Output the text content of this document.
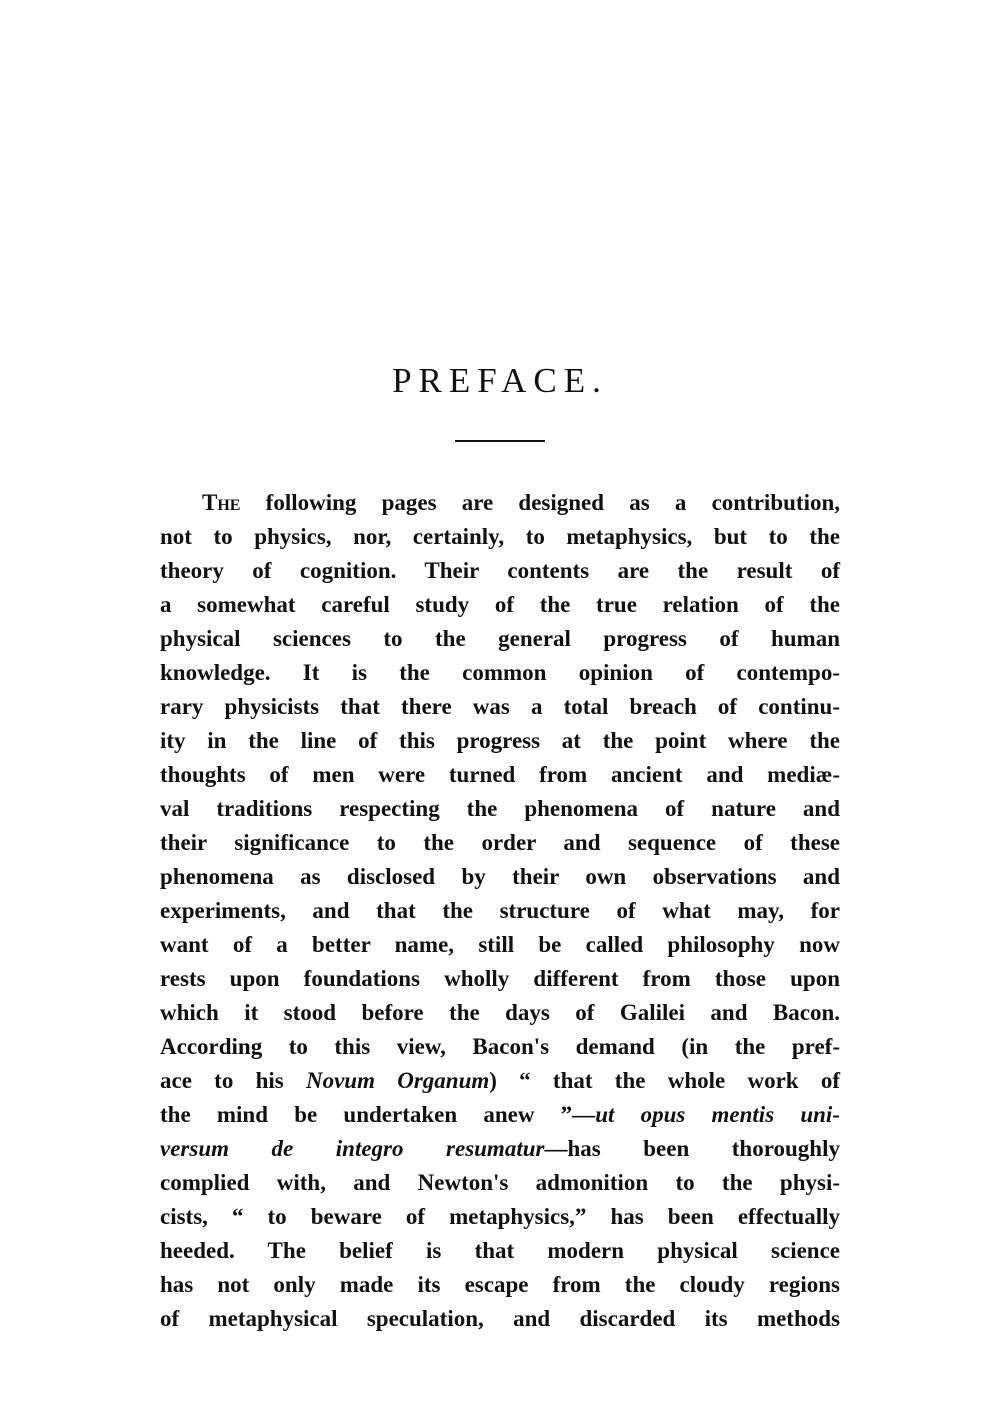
PREFACE.
The following pages are designed as a contribution,
not to physics, nor, certainly, to metaphysics, but to the
theory of cognition. Their contents are the result of
a somewhat careful study of the true relation of the
physical sciences to the general progress of human
knowledge. It is the common opinion of contempo-
rary physicists that there was a total breach of continu-
ity in the line of this progress at the point where the
thoughts of men were turned from ancient and mediæ-
val traditions respecting the phenomena of nature and
their significance to the order and sequence of these
phenomena as disclosed by their own observations and
experiments, and that the structure of what may, for
want of a better name, still be called philosophy now
rests upon foundations wholly different from those upon
which it stood before the days of Galilei and Bacon.
According to this view, Bacon's demand (in the pref-
ace to his Novum Organum) “ that the whole work of
the mind be undertaken anew ”—ut opus mentis uni-
versum de integro resumatur—has been thoroughly
complied with, and Newton's admonition to the physi-
cists, “ to beware of metaphysics,” has been effectually
heeded. The belief is that modern physical science
has not only made its escape from the cloudy regions
of metaphysical speculation, and discarded its methods
